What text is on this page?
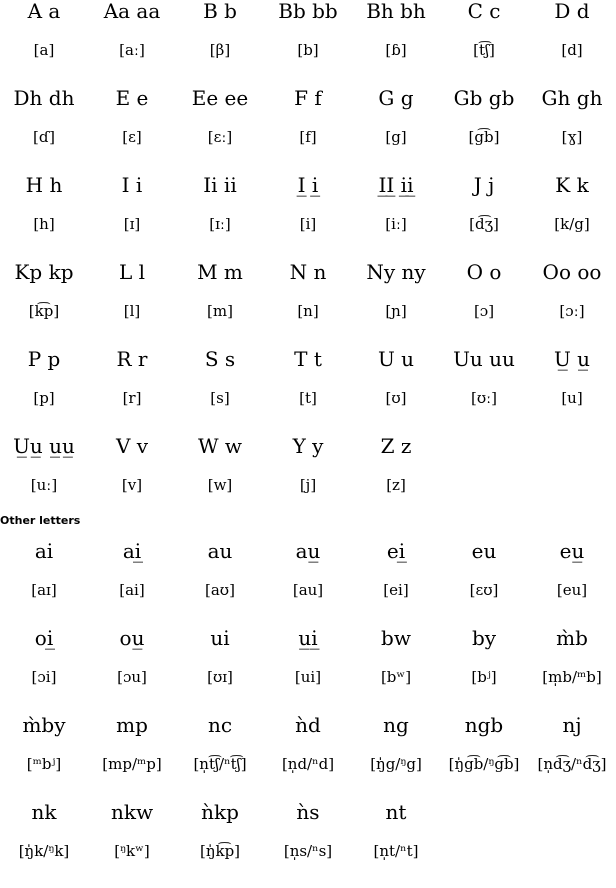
A a	Aa aa	B b	Bb bb	Bh bh	C c	D d
[a]	[aː]	[β]	[b]	[ɓ]	[t͡ʃ]	[d]
Dh dh	E e	Ee ee	F f	G g	Gb gb	Gh gh
[ɗ]	[ɛ]	[ɛː]	[f]	[g]	[g͡b]	[ɣ]
H h	I i	Ii ii	I̲ i̲	I̲I̲ i̲i̲	J j	K k
[h]	[ɪ]	[ɪː]	[i]	[iː]	[d͡ʒ]	[k/g]
Kp kp	L l	M m	N n	Ny ny	O o	Oo oo
[k͡p]	[l]	[m]	[n]	[ɲ]	[ɔ]	[ɔː]
P p	R r	S s	T t	U u	Uu uu	U̲ u̲
[p]	[r]	[s]	[t]	[ʊ]	[ʊː]	[u]
U̲u̲ u̲u̲	V v	W w	Y y	Z z
[uː]	[v]	[w]	[j]	[z]
Other letters
ai	ai̲	au	au̲	ei̲	eu	eu̲
[aɪ]	[ai]	[aʊ]	[au]	[ei]	[ɛʊ]	[eu]
oi̲	ou̲	ui	u̲i̲	bw	by	m̀b
[ɔi]	[ɔu]	[ʊɪ]	[ui]	[bʷ]	[bʲ]	[m̩b/ᵐb]
m̀by	mp	nc	ǹd	ng	ngb	nj
[ᵐbʲ]	[mp/ᵐp]	[n̩t͡ʃ/ⁿt͡ʃ]	[n̩d/ⁿd]	[ŋ̍g/ᵑg]	[ŋ̍g͡b/ᵑg͡b]	[n̩d͡ʒ/ⁿd͡ʒ]
nk	nkw	ǹkp	ǹs	nt
[ŋ̍k/ᵑk]	[ᵑkʷ]	[ŋ̍k͡p]	[n̩s/ⁿs]	[n̩t/ⁿt]
